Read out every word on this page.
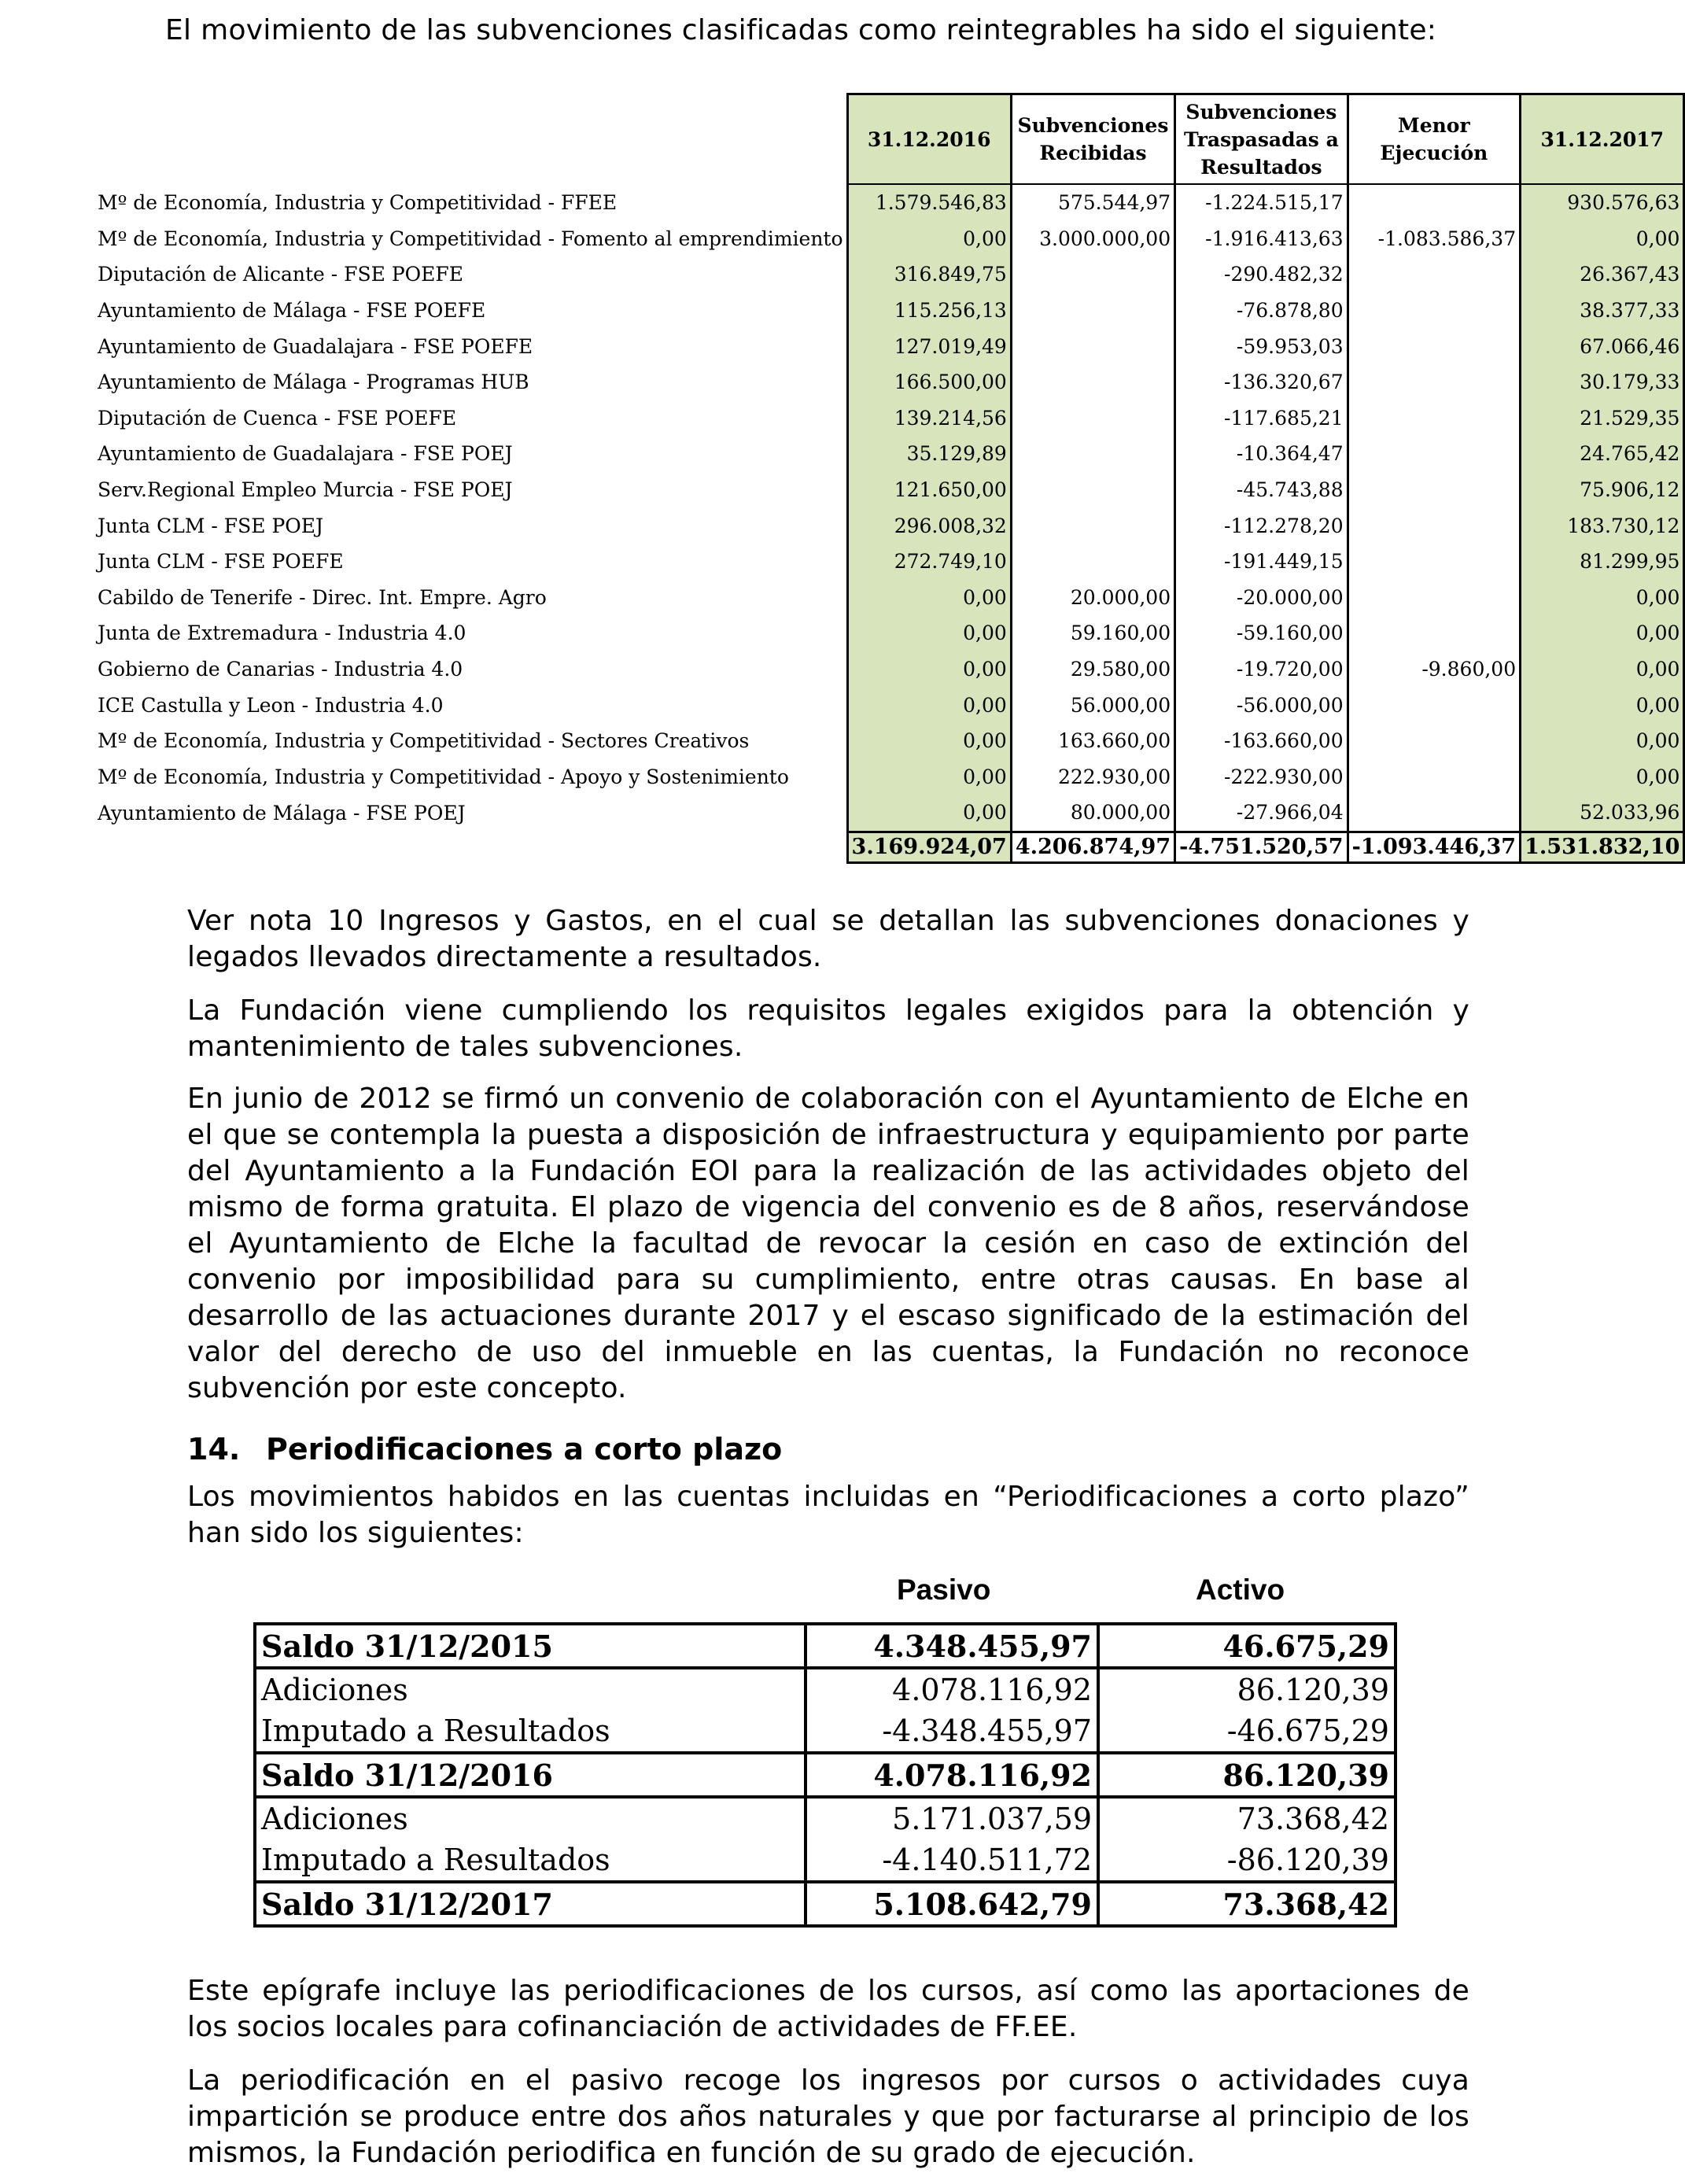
El movimiento de las subvenciones clasificadas como reintegrables ha sido el siguiente:
	31.12.2016	Subvenciones Recibidas	Subvenciones Traspasadas a Resultados	Menor Ejecución	31.12.2017
Mº de Economía, Industria y Competitividad - FFEE	1.579.546,83	575.544,97	-1.224.515,17		930.576,63
Mº de Economía, Industria y Competitividad - Fomento al emprendimiento	0,00	3.000.000,00	-1.916.413,63	-1.083.586,37	0,00
Diputación de Alicante - FSE POEFE	316.849,75		-290.482,32		26.367,43
Ayuntamiento de Málaga - FSE POEFE	115.256,13		-76.878,80		38.377,33
Ayuntamiento de Guadalajara - FSE POEFE	127.019,49		-59.953,03		67.066,46
Ayuntamiento de Málaga - Programas HUB	166.500,00		-136.320,67		30.179,33
Diputación de Cuenca - FSE POEFE	139.214,56		-117.685,21		21.529,35
Ayuntamiento de Guadalajara - FSE POEJ	35.129,89		-10.364,47		24.765,42
Serv.Regional Empleo Murcia - FSE POEJ	121.650,00		-45.743,88		75.906,12
Junta CLM - FSE POEJ	296.008,32		-112.278,20		183.730,12
Junta CLM - FSE POEFE	272.749,10		-191.449,15		81.299,95
Cabildo de Tenerife - Direc. Int. Empre. Agro	0,00	20.000,00	-20.000,00		0,00
Junta de Extremadura - Industria 4.0	0,00	59.160,00	-59.160,00		0,00
Gobierno de Canarias - Industria 4.0	0,00	29.580,00	-19.720,00	-9.860,00	0,00
ICE Castulla y Leon - Industria 4.0	0,00	56.000,00	-56.000,00		0,00
Mº de Economía, Industria y Competitividad - Sectores Creativos	0,00	163.660,00	-163.660,00		0,00
Mº de Economía, Industria y Competitividad - Apoyo y Sostenimiento	0,00	222.930,00	-222.930,00		0,00
Ayuntamiento de Málaga - FSE POEJ	0,00	80.000,00	-27.966,04		52.033,96
	3.169.924,07	4.206.874,97	-4.751.520,57	-1.093.446,37	1.531.832,10

Ver nota 10 Ingresos y Gastos, en el cual se detallan las subvenciones donaciones y legados llevados directamente a resultados.

La Fundación viene cumpliendo los requisitos legales exigidos para la obtención y mantenimiento de tales subvenciones.

En junio de 2012 se firmó un convenio de colaboración con el Ayuntamiento de Elche en el que se contempla la puesta a disposición de infraestructura y equipamiento por parte del Ayuntamiento a la Fundación EOI para la realización de las actividades objeto del mismo de forma gratuita. El plazo de vigencia del convenio es de 8 años, reservándose el Ayuntamiento de Elche la facultad de revocar la cesión en caso de extinción del convenio por imposibilidad para su cumplimiento, entre otras causas. En base al desarrollo de las actuaciones durante 2017 y el escaso significado de la estimación del valor del derecho de uso del inmueble en las cuentas, la Fundación no reconoce subvención por este concepto.

14. Periodificaciones a corto plazo

Los movimientos habidos en las cuentas incluidas en “Periodificaciones a corto plazo” han sido los siguientes:

Pasivo	Activo
Saldo 31/12/2015	4.348.455,97	46.675,29
Adiciones	4.078.116,92	86.120,39
Imputado a Resultados	-4.348.455,97	-46.675,29
Saldo 31/12/2016	4.078.116,92	86.120,39
Adiciones	5.171.037,59	73.368,42
Imputado a Resultados	-4.140.511,72	-86.120,39
Saldo 31/12/2017	5.108.642,79	73.368,42

Este epígrafe incluye las periodificaciones de los cursos, así como las aportaciones de los socios locales para cofinanciación de actividades de FF.EE.

La periodificación en el pasivo recoge los ingresos por cursos o actividades cuya impartición se produce entre dos años naturales y que por facturarse al principio de los mismos, la Fundación periodifica en función de su grado de ejecución.
